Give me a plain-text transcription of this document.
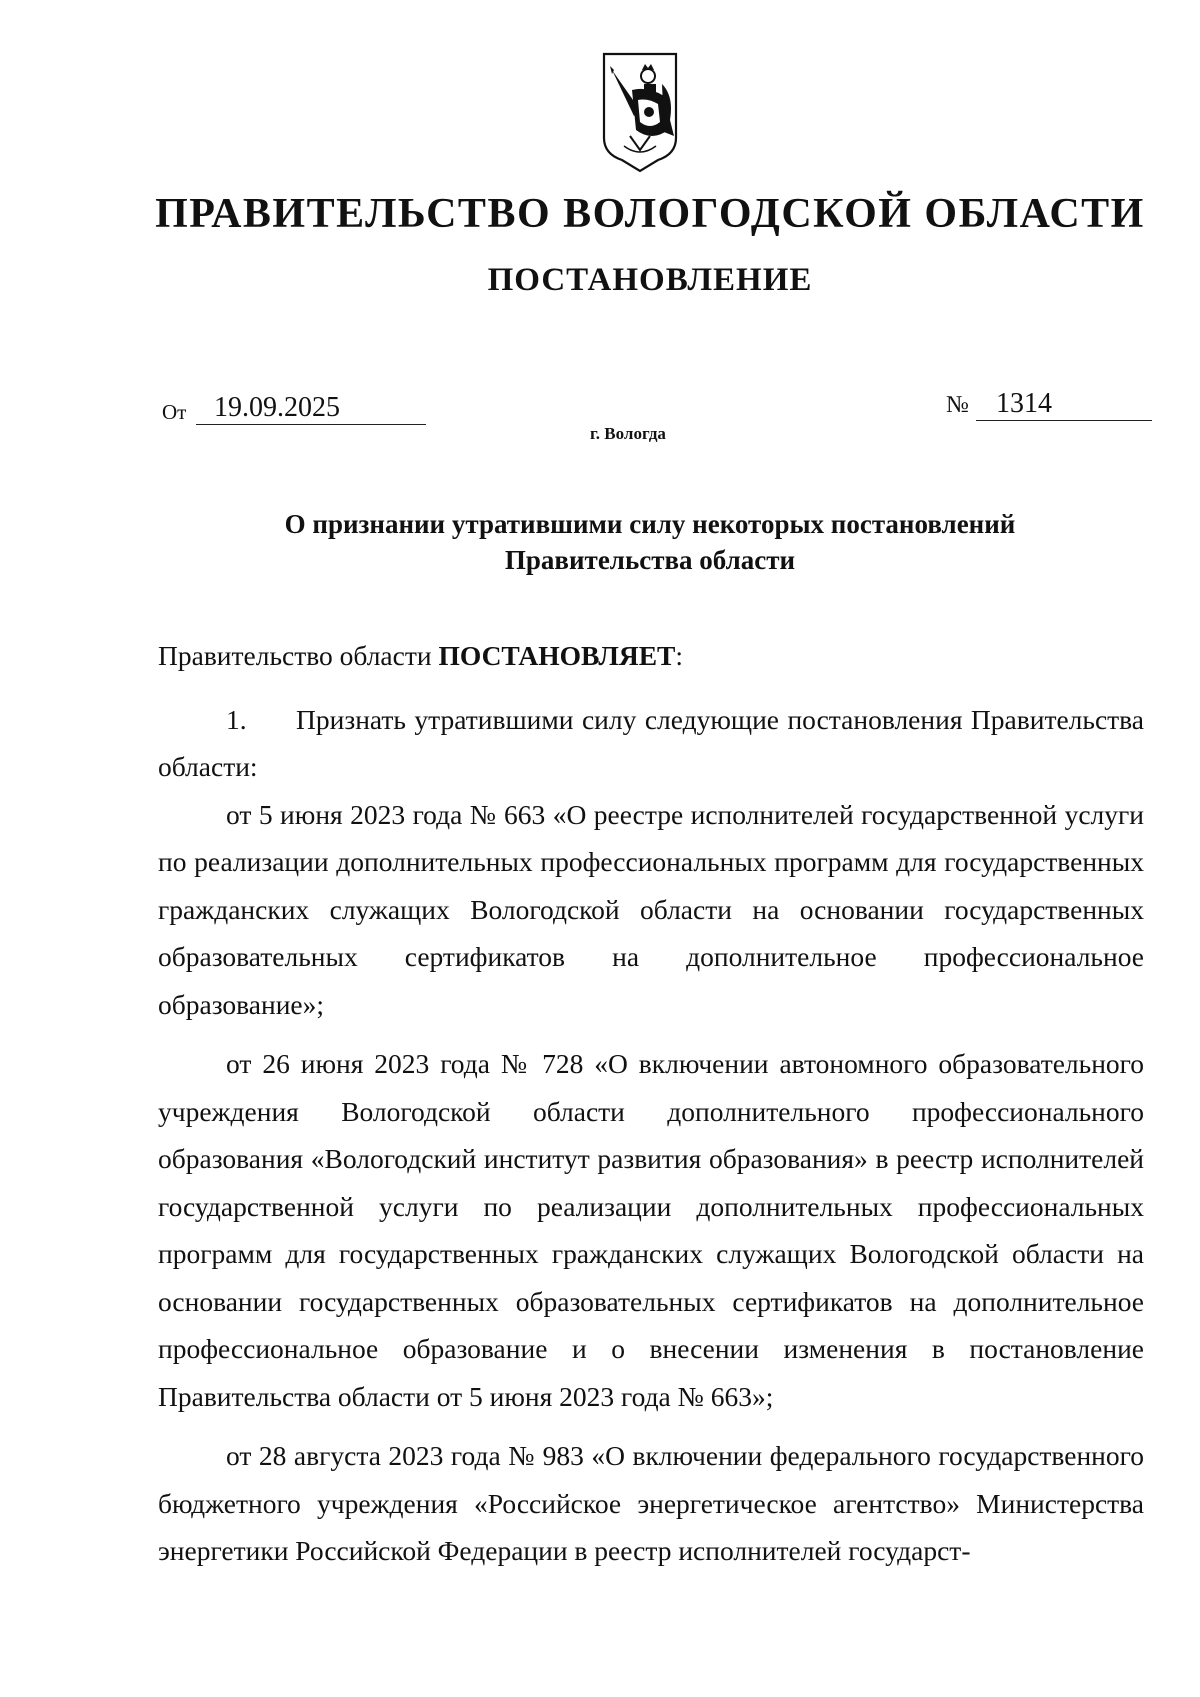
ПРАВИТЕЛЬСТВО ВОЛОГОДСКОЙ ОБЛАСТИ
ПОСТАНОВЛЕНИЕ
От 19.09.2025	№ 1314
г. Вологда
О признании утратившими силу некоторых постановлений
Правительства области

Правительство области ПОСТАНОВЛЯЕТ:

1. Признать утратившими силу следующие постановления Правительства области:

от 5 июня 2023 года № 663 «О реестре исполнителей государственной услуги по реализации дополнительных профессиональных программ для государственных гражданских служащих Вологодской области на основании государственных образовательных сертификатов на дополнительное профессиональное образование»;

от 26 июня 2023 года № 728 «О включении автономного образовательного учреждения Вологодской области дополнительного профессионального образования «Вологодский институт развития образования» в реестр исполнителей государственной услуги по реализации дополнительных профессиональных программ для государственных гражданских служащих Вологодской области на основании государственных образовательных сертификатов на дополнительное профессиональное образование и о внесении изменения в постановление Правительства области от 5 июня 2023 года № 663»;

от 28 августа 2023 года № 983 «О включении федерального государственного бюджетного учреждения «Российское энергетическое агентство» Министерства энергетики Российской Федерации в реестр исполнителей государст-
